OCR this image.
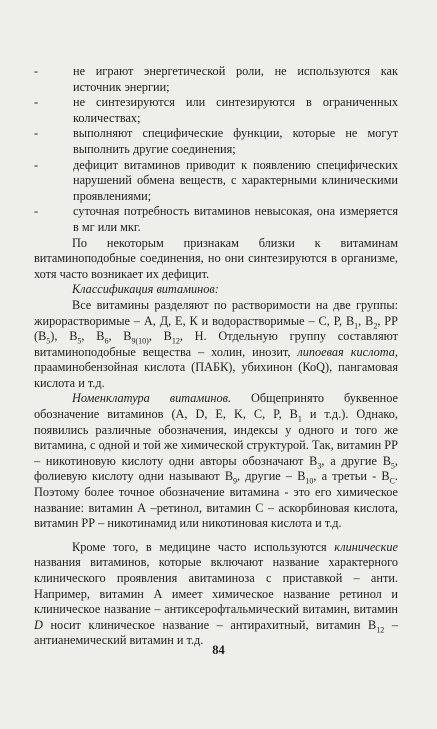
-	не играют энергетической роли, не используются как источник энергии;
-	не синтезируются или синтезируются в ограниченных количествах;
-	выполняют специфические функции, которые не могут выполнить другие соединения;
-	дефицит витаминов приводит к появлению специфических нарушений обмена веществ, с характерными клиническими проявлениями;
-	суточная потребность витаминов невысокая, она измеряется в мг или мкг.

По некоторым признакам близки к витаминам витаминоподобные соединения, но они синтезируются в организме, хотя часто возникает их дефицит.

Классификация витаминов:

Все витамины разделяют по растворимости на две группы: жирорастворимые – А, Д, Е, К и водорастворимые – С, Р, $В_1$, $В_2$, РР $(В_5)$, $В_5$, $В_6$, $В_{9(10)}$, $В_{12}$, Н. Отдельную группу составляют витаминоподобные вещества – холин, инозит, липоевая кислота, прааминобензойная кислота (ПАБК), убихинон (КоQ), пангамовая кислота и т.д.

Номенклатура витаминов. Общепринято буквенное обозначение витаминов (A, D, E, K, C, P, $B_1$ и т.д.). Однако, появились различные обозначения, индексы у одного и того же витамина, с одной и той же химической структурой. Так, витамин PP – никотиновую кислоту одни авторы обозначают $В_3$, а другие $В_5$, фолиевую кислоту одни называют $В_9$, другие – $В_{10}$, а третьи - $В_С$. Поэтому более точное обозначение витамина - это его химическое название: витамин А –ретинол, витамин С – аскорбиновая кислота, витамин РР – никотинамид или никотиновая кислота и т.д.

Кроме того, в медицине часто используются клинические названия витаминов, которые включают название характерного клинического проявления авитаминоза с приставкой – анти. Например, витамин А имеет химическое название ретинол и клиническое название – антиксерофтальмический витамин, витамин D носит клиническое название – антирахитный, витамин $B_{12}$ – антианемический витамин и т.д.

84
